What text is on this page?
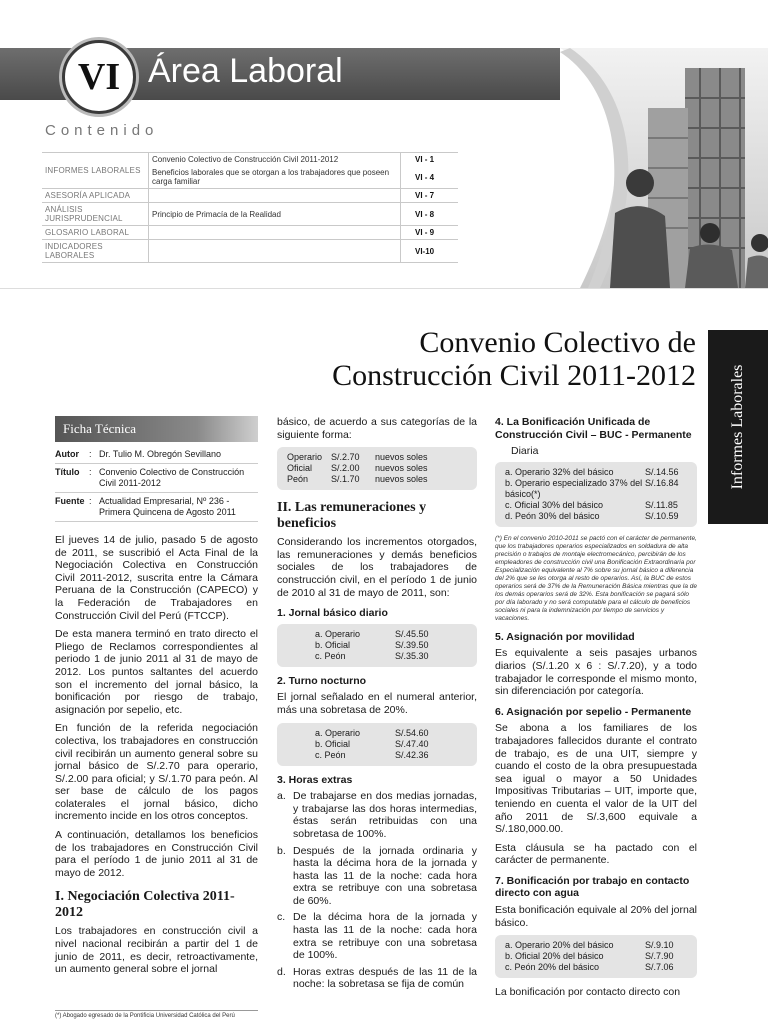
VI Área Laboral
Contenido
INFORMES LABORALES	Convenio Colectivo de Construcción Civil 2011-2012	VI - 1
	Beneficios laborales que se otorgan a los trabajadores que poseen carga familiar	VI - 4
ASESORÍA APLICADA		VI - 7
ANÁLISIS JURISPRUDENCIAL	Principio de Primacía de la Realidad	VI - 8
GLOSARIO LABORAL		VI - 9
INDICADORES LABORALES		VI-10
Informes Laborales
Convenio Colectivo de
Construcción Civil 2011-2012
Ficha Técnica
Autor	: Dr. Tulio M. Obregón Sevillano
Título	: Convenio Colectivo de Construcción Civil 2011-2012
Fuente : Actualidad Empresarial, Nº 236 - Primera Quincena de Agosto 2011

El jueves 14 de julio, pasado 5 de agosto de 2011, se suscribió el Acta Final de la Negociación Colectiva en Construcción Civil 2011-2012, suscrita entre la Cámara Peruana de la Construcción (CAPECO) y la Federación de Trabajadores en Construcción Civil del Perú (FTCCP).

De esta manera terminó en trato directo el Pliego de Reclamos correspondientes al periodo 1 de junio 2011 al 31 de mayo de 2012. Los puntos saltantes del acuerdo son el incremento del jornal básico, la bonificación por riesgo de trabajo, asignación por sepelio, etc.

En función de la referida negociación colectiva, los trabajadores en construcción civil recibirán un aumento general sobre su jornal básico de S/.2.70 para operario, S/.2.00 para oficial; y S/.1.70 para peón. Al ser base de cálculo de los pagos colaterales el jornal básico, dicho incremento incide en los otros conceptos.

A continuación, detallamos los beneficios de los trabajadores en Construcción Civil para el período 1 de junio 2011 al 31 de mayo de 2012.

I. Negociación Colectiva 2011-2012

Los trabajadores en construcción civil a nivel nacional recibirán a partir del 1 de junio de 2011, es decir, retroactivamente, un aumento general sobre el jornal

(*) Abogado egresado de la Pontificia Universidad Católica del Perú

básico, de acuerdo a sus categorías de la siguiente forma:

Operario S/.2.70	nuevos soles
Oficial	S/.2.00	nuevos soles
Peón	S/.1.70	nuevos soles
II. Las remuneraciones y beneficios

Considerando los incrementos otorgados, las remuneraciones y demás beneficios sociales de los trabajadores de construcción civil, en el período 1 de junio de 2010 al 31 de mayo de 2011, son:

1. Jornal básico diario
a. Operario	S/.45.50
b. Oficial	S/.39.50
c. Peón	S/.35.30
2. Turno nocturno

El jornal señalado en el numeral anterior, más una sobretasa de 20%.

a. Operario	S/.54.60
b. Oficial	S/.47.40
c. Peón	S/.42.36
3. Horas extras
a. De trabajarse en dos medias jornadas, y trabajarse las dos horas intermedias, éstas serán retribuidas con una sobretasa de 100%.
b. Después de la jornada ordinaria y hasta la décima hora de la jornada y hasta las 11 de la noche: cada hora extra se retribuye con una sobretasa de 60%.
c. De la décima hora de la jornada y hasta las 11 de la noche: cada hora extra se retribuye con una sobretasa de 100%.
d. Horas extras después de las 11 de la noche: la sobretasa se fija de común
4. La Bonificación Unificada de Construcción Civil – BUC - Permanente
Diaria
a. Operario 32% del básico	S/.14.56
b. Operario especializado 37% del básico(*)
S/.16.84
c. Oficial 30% del básico	S/.11.85
d. Peón 30% del básico	S/.10.59
(*) En el convenio 2010-2011 se pactó con el carácter de permanente, que los trabajadores operarios especializados en soldadura de alta precisión o trabajos de montaje electromecánico, percibirán de los empleadores de construcción civil una Bonificación Extraordinaria por Especialización equivalente al 7% sobre su jornal básico a diferencia del 2% que se les otorga al resto de operarios. Así, la BUC de estos operarios será de 37% de la Remuneración Básica mientras que la de los demás operarios será de 32%. Esta bonificación se pagará sólo por día laborado y no será computable para el cálculo de beneficios sociales ni para la indemnización por tiempo de servicios y vacaciones.
5. Asignación por movilidad

Es equivalente a seis pasajes urbanos diarios (S/.1.20 x 6 : S/.7.20), y a todo trabajador le corresponde el mismo monto, sin diferenciación por categoría.

6. Asignación por sepelio - Permanente

Se abona a los familiares de los trabajadores fallecidos durante el contrato de trabajo, es de una UIT, siempre y cuando el costo de la obra presupuestada sea igual o mayor a 50 Unidades Impositivas Tributarias – UIT, importe que, teniendo en cuenta el valor de la UIT del año 2011 de S/.3,600 equivale a S/.180,000.00.

Esta cláusula se ha pactado con el carácter de permanente.

7. Bonificación por trabajo en contacto directo con agua

Esta bonificación equivale al 20% del jornal básico.

a. Operario 20% del básico	S/.9.10
b. Oficial 20% del básico	S/.7.90
c. Peón 20% del básico	S/.7.06

La bonificación por contacto directo con
